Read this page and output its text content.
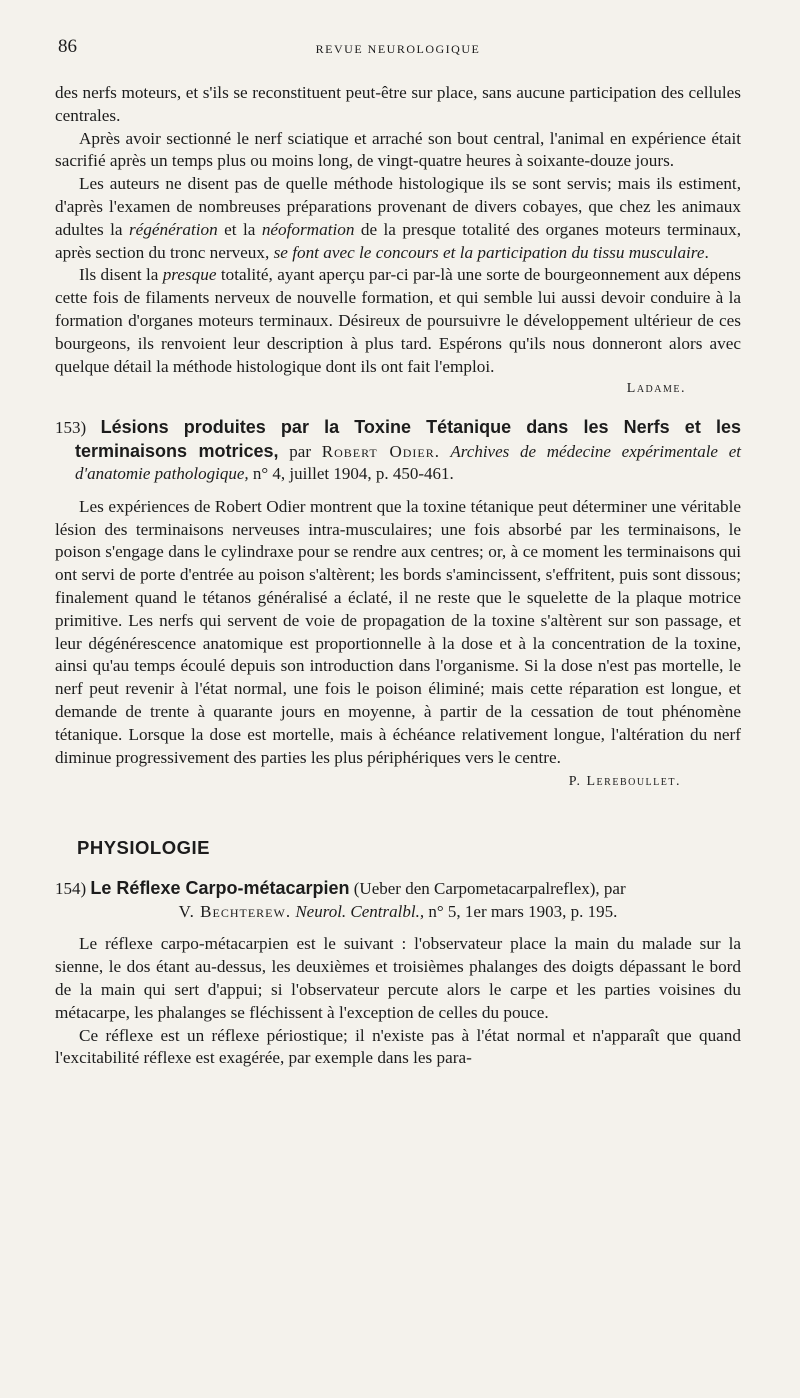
86	REVUE NEUROLOGIQUE

des nerfs moteurs, et s'ils se reconstituent peut-être sur place, sans aucune participation des cellules centrales.

Après avoir sectionné le nerf sciatique et arraché son bout central, l'animal en expérience était sacrifié après un temps plus ou moins long, de vingt-quatre heures à soixante-douze jours.

Les auteurs ne disent pas de quelle méthode histologique ils se sont servis; mais ils estiment, d'après l'examen de nombreuses préparations provenant de divers cobayes, que chez les animaux adultes la régénération et la néoformation de la presque totalité des organes moteurs terminaux, après section du tronc nerveux, se font avec le concours et la participation du tissu musculaire.

Ils disent la presque totalité, ayant aperçu par-ci par-là une sorte de bourgeonnement aux dépens cette fois de filaments nerveux de nouvelle formation, et qui semble lui aussi devoir conduire à la formation d'organes moteurs terminaux. Désireux de poursuivre le développement ultérieur de ces bourgeons, ils renvoient leur description à plus tard. Espérons qu'ils nous donneront alors avec quelque détail la méthode histologique dont ils ont fait l'emploi.

Ladame.
153) Lésions produites par la Toxine Tétanique dans les Nerfs et les terminaisons motrices, par Robert Odier. Archives de médecine expérimentale et d'anatomie pathologique, n° 4, juillet 1904, p. 450-461.

Les expériences de Robert Odier montrent que la toxine tétanique peut déterminer une véritable lésion des terminaisons nerveuses intra-musculaires; une fois absorbé par les terminaisons, le poison s'engage dans le cylindraxe pour se rendre aux centres; or, à ce moment les terminaisons qui ont servi de porte d'entrée au poison s'altèrent; les bords s'amincissent, s'effritent, puis sont dissous; finalement quand le tétanos généralisé a éclaté, il ne reste que le squelette de la plaque motrice primitive. Les nerfs qui servent de voie de propagation de la toxine s'altèrent sur son passage, et leur dégénérescence anatomique est proportionnelle à la dose et à la concentration de la toxine, ainsi qu'au temps écoulé depuis son introduction dans l'organisme. Si la dose n'est pas mortelle, le nerf peut revenir à l'état normal, une fois le poison éliminé; mais cette réparation est longue, et demande de trente à quarante jours en moyenne, à partir de la cessation de tout phénomène tétanique. Lorsque la dose est mortelle, mais à échéance relativement longue, l'altération du nerf diminue progressivement des parties les plus périphériques vers le centre.

P. Lereboullet.
PHYSIOLOGIE
154) Le Réflexe Carpo-métacarpien (Ueber den Carpometacarpalreflex), par
V. Bechterew. Neurol. Centralbl., n° 5, 1er mars 1903, p. 195.

Le réflexe carpo-métacarpien est le suivant : l'observateur place la main du malade sur la sienne, le dos étant au-dessus, les deuxièmes et troisièmes phalanges des doigts dépassant le bord de la main qui sert d'appui; si l'observateur percute alors le carpe et les parties voisines du métacarpe, les phalanges se fléchissent à l'exception de celles du pouce.

Ce réflexe est un réflexe périostique; il n'existe pas à l'état normal et n'apparaît que quand l'excitabilité réflexe est exagérée, par exemple dans les para-
